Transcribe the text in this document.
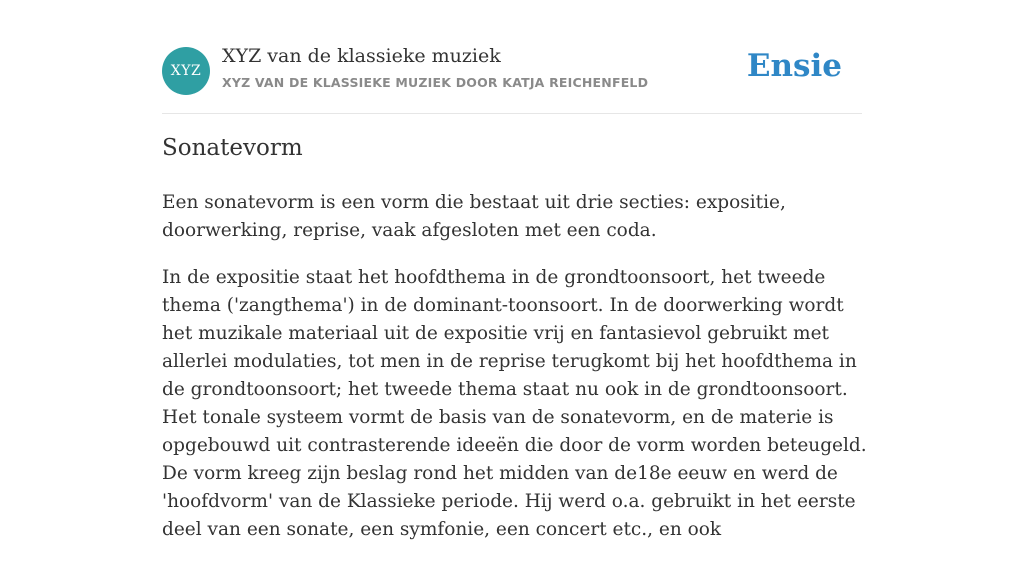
XYZ
XYZ van de klassieke muziek
XYZ VAN DE KLASSIEKE MUZIEK DOOR KATJA REICHENFELD	Ensie
Sonatevorm

Een sonatevorm is een vorm die bestaat uit drie secties: expositie, doorwerking, reprise, vaak afgesloten met een coda.

In de expositie staat het hoofdthema in de grondtoonsoort, het tweede thema ('zangthema') in de dominant-toonsoort. In de doorwerking wordt het muzikale materiaal uit de expositie vrij en fantasievol gebruikt met allerlei modulaties, tot men in de reprise terugkomt bij het hoofdthema in de grondtoonsoort; het tweede thema staat nu ook in de grondtoonsoort. Het tonale systeem vormt de basis van de sonatevorm, en de materie is opgebouwd uit contrasterende ideeën die door de vorm worden beteugeld. De vorm kreeg zijn beslag rond het midden van de18e eeuw en werd de 'hoofdvorm' van de Klassieke periode. Hij werd o.a. gebruikt in het eerste deel van een sonate, een symfonie, een concert etc., en ook
